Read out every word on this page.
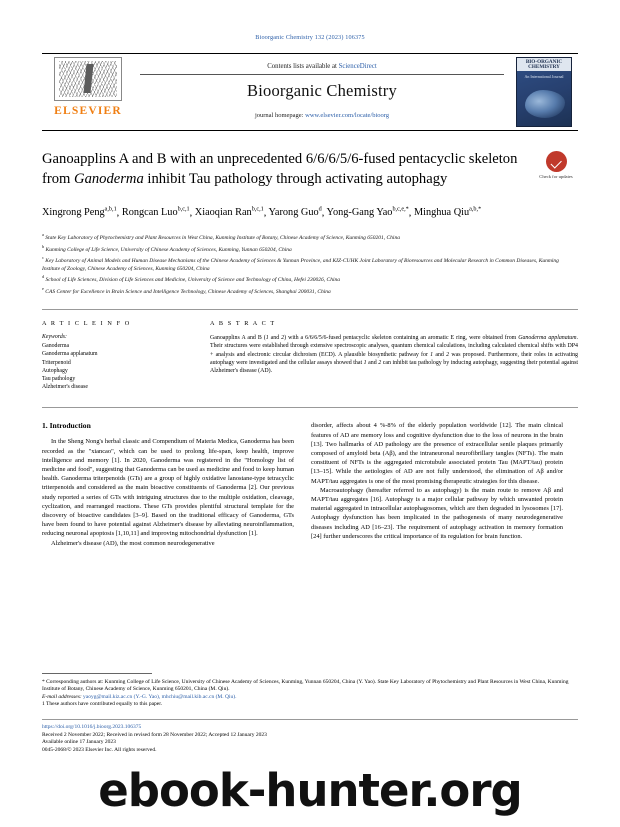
Bioorganic Chemistry 132 (2023) 106375
ELSEVIER
Contents lists available at ScienceDirect
Bioorganic Chemistry
journal homepage: www.elsevier.com/locate/bioorg
BIO-ORGANIC CHEMISTRY
An International Journal
Ganoapplins A and B with an unprecedented 6/6/6/5/6-fused pentacyclic skeleton from Ganoderma inhibit Tau pathology through activating autophagy	Check for updates
Xingrong Peng$^{a,b,1}$, Rongcan Luo$^{b,c,1}$, Xiaoqian Ran$^{b,c,1}$, Yarong Guo$^d$, Yong-Gang Yao$^{b,c,e,*}$, Minghua Qiu$^{a,b,*}$
$^a$ State Key Laboratory of Phytochemistry and Plant Resources in West China, Kunming Institute of Botany, Chinese Academy of Science, Kunming 650201, China
$^b$ Kunming College of Life Science, University of Chinese Academy of Sciences, Kunming, Yunnan 650204, China
$^c$ Key Laboratory of Animal Models and Human Disease Mechanisms of the Chinese Academy of Sciences & Yunnan Province, and KIZ-CUHK Joint Laboratory of Bioresources and Molecular Research in Common Diseases, Kunming Institute of Zoology, Chinese Academy of Sciences, Kunming 650204, China
$^d$ School of Life Sciences, Division of Life Sciences and Medicine, University of Science and Technology of China, Hefei 230026, China
$^e$ CAS Center for Excellence in Brain Science and Intelligence Technology, Chinese Academy of Sciences, Shanghai 200031, China
A R T I C L E I N F O
Keywords:
Ganoderma
Ganoderma applanatum
Triterpenoid
Autophagy
Tau pathology
Alzheimer's disease
A B S T R A C T
Ganoapplins A and B (1 and 2) with a 6/6/6/5/6-fused pentacyclic skeleton containing an aromatic E ring, were obtained from Ganoderma applanatum. Their structures were established through extensive spectroscopic analyses, quantum chemical calculations, including calculated chemical shifts with DP4 + analysis and electronic circular dichroism (ECD). A plausible biosynthetic pathway for 1 and 2 was proposed. Furthermore, their roles in activating autophagy were investigated and the cellular assays showed that 1 and 2 can inhibit tau pathology by inducing autophagy, suggesting their potential against Alzheimer's disease (AD).
1. Introduction

In the Sheng Nong's herbal classic and Compendium of Materia Medica, Ganoderma has been recorded as the "xiancao", which can be used to prolong life-span, keep health, improve intelligence and memory [1]. In 2020, Ganoderma was registered in the "Homology list of medicine and food", suggesting that Ganoderma can be used as medicine and food to keep human health. Ganoderma triterpenoids (GTs) are a group of highly oxidative lanostane-type tetracyclic triterpenoids and considered as the main bioactive constituents of Ganoderma [2]. Our previous study reported a series of GTs with intriguing structures due to the multiple oxidation, cleavage, cyclization, and rearranged reactions. These GTs provides plentiful structural template for the discovery of bioactive candidates [3–9]. Based on the traditional efficacy of Ganoderma, GTs have been found to have potential against Alzheimer's disease by alleviating neuroinflammation, reducing neuronal apoptosis [1,10,11] and improving mitochondrial dysfunction [1].

Alzheimer's disease (AD), the most common neurodegenerative

disorder, affects about 4 %-8% of the elderly population worldwide [12]. The main clinical features of AD are memory loss and cognitive dysfunction due to the loss of neurons in the brain [13]. Two hallmarks of AD pathology are the presence of extracellular senile plaques primarily composed of amyloid beta (Aβ), and the intraneuronal neurofibrillary tangles (NFTs). The main constituent of NFTs is the aggregated microtubule associated protein Tau (MAPT/tau) protein [13–15]. While the aetiologies of AD are not fully understood, the elimination of Aβ and/or MAPT/tau aggregates is one of the most promising therapeutic strategies for this disease.

Macroautophagy (hereafter referred to as autophagy) is the main route to remove Aβ and MAPT/tau aggregates [16]. Autophagy is a major cellular pathway by which unwanted protein material aggregated in intracellular autophagosomes, which are then degraded in lysosomes [17]. Autophagy dysfunction has been implicated in the pathogenesis of many neurodegenerative diseases including AD [16–23]. The requirement of autophagy activation in memory formation [24] further underscores the critical importance of its regulation for brain function.

* Corresponding authors at: Kunming College of Life Science, University of Chinese Academy of Sciences, Kunming, Yunnan 650204, China (Y. Yao). State Key Laboratory of Phytochemistry and Plant Resources in West China, Kunming Institute of Botany, Chinese Academy of Science, Kunming 650201, China (M. Qiu).
E-mail addresses: yaoyg@mail.kiz.ac.cn (Y.-G. Yao), mhchiu@mail.kib.ac.cn (M. Qiu).
1 These authors have contributed equally to this paper.
https://doi.org/10.1016/j.bioorg.2023.106375
Received 2 November 2022; Received in revised form 28 November 2022; Accepted 12 January 2023
Available online 17 January 2023
0045-2068/© 2023 Elsevier Inc. All rights reserved.
ebook-hunter.org
